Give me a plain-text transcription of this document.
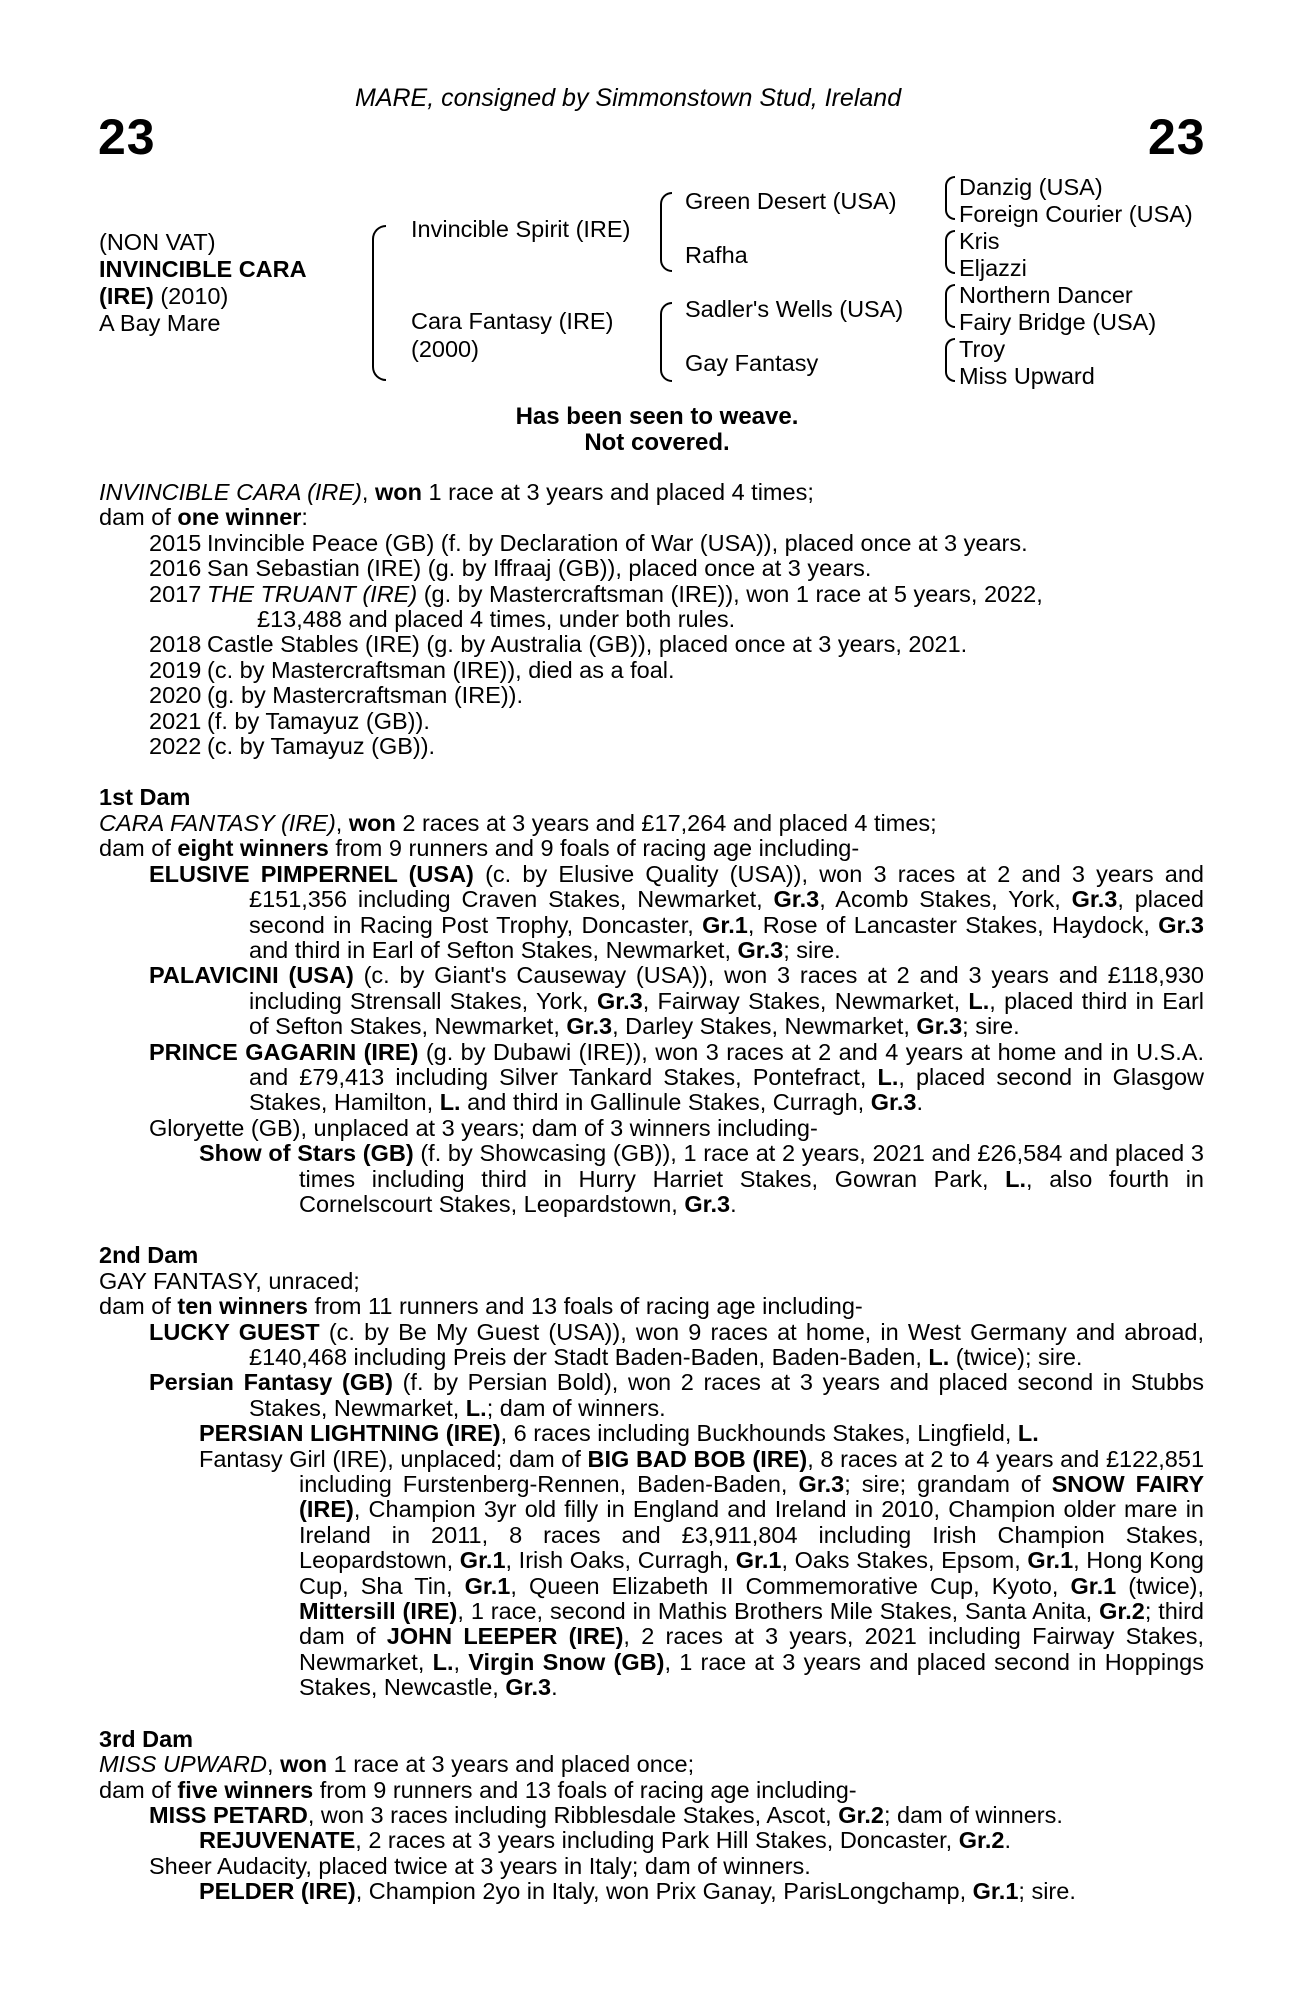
MARE, consigned by Simmonstown Stud, Ireland
23	23
(NON VAT)
INVINCIBLE CARA
(IRE) (2010)
A Bay Mare
Invincible Spirit (IRE)
Cara Fantasy (IRE)
(2000)
Green Desert (USA)
Rafha
Sadler's Wells (USA)
Gay Fantasy
Danzig (USA)
Foreign Courier (USA)
Kris
Eljazzi
Northern Dancer
Fairy Bridge (USA)
Troy
Miss Upward
Has been seen to weave.
Not covered.

INVINCIBLE CARA (IRE), won 1 race at 3 years and placed 4 times;

dam of one winner:

2015 Invincible Peace (GB) (f. by Declaration of War (USA)), placed once at 3 years.
2016 San Sebastian (IRE) (g. by Iffraaj (GB)), placed once at 3 years.
2017 THE TRUANT (IRE) (g. by Mastercraftsman (IRE)), won 1 race at 5 years, 2022,
£13,488 and placed 4 times, under both rules.
2018 Castle Stables (IRE) (g. by Australia (GB)), placed once at 3 years, 2021.
2019 (c. by Mastercraftsman (IRE)), died as a foal.
2020 (g. by Mastercraftsman (IRE)).
2021 (f. by Tamayuz (GB)).
2022 (c. by Tamayuz (GB)).

1st Dam

CARA FANTASY (IRE), won 2 races at 3 years and £17,264 and placed 4 times;

dam of eight winners from 9 runners and 9 foals of racing age including-

ELUSIVE PIMPERNEL (USA) (c. by Elusive Quality (USA)), won 3 races at 2 and 3 years and £151,356 including Craven Stakes, Newmarket, Gr.3, Acomb Stakes, York, Gr.3, placed second in Racing Post Trophy, Doncaster, Gr.1, Rose of Lancaster Stakes, Haydock, Gr.3 and third in Earl of Sefton Stakes, Newmarket, Gr.3; sire.

PALAVICINI (USA) (c. by Giant's Causeway (USA)), won 3 races at 2 and 3 years and £118,930 including Strensall Stakes, York, Gr.3, Fairway Stakes, Newmarket, L., placed third in Earl of Sefton Stakes, Newmarket, Gr.3, Darley Stakes, Newmarket, Gr.3; sire.

PRINCE GAGARIN (IRE) (g. by Dubawi (IRE)), won 3 races at 2 and 4 years at home and in U.S.A. and £79,413 including Silver Tankard Stakes, Pontefract, L., placed second in Glasgow Stakes, Hamilton, L. and third in Gallinule Stakes, Curragh, Gr.3.

Gloryette (GB), unplaced at 3 years; dam of 3 winners including-

Show of Stars (GB) (f. by Showcasing (GB)), 1 race at 2 years, 2021 and £26,584 and placed 3 times including third in Hurry Harriet Stakes, Gowran Park, L., also fourth in Cornelscourt Stakes, Leopardstown, Gr.3.

2nd Dam

GAY FANTASY, unraced;

dam of ten winners from 11 runners and 13 foals of racing age including-

LUCKY GUEST (c. by Be My Guest (USA)), won 9 races at home, in West Germany and abroad, £140,468 including Preis der Stadt Baden-Baden, Baden-Baden, L. (twice); sire.

Persian Fantasy (GB) (f. by Persian Bold), won 2 races at 3 years and placed second in Stubbs Stakes, Newmarket, L.; dam of winners.

PERSIAN LIGHTNING (IRE), 6 races including Buckhounds Stakes, Lingfield, L.

Fantasy Girl (IRE), unplaced; dam of BIG BAD BOB (IRE), 8 races at 2 to 4 years and £122,851 including Furstenberg-Rennen, Baden-Baden, Gr.3; sire; grandam of SNOW FAIRY (IRE), Champion 3yr old filly in England and Ireland in 2010, Champion older mare in Ireland in 2011, 8 races and £3,911,804 including Irish Champion Stakes, Leopardstown, Gr.1, Irish Oaks, Curragh, Gr.1, Oaks Stakes, Epsom, Gr.1, Hong Kong Cup, Sha Tin, Gr.1, Queen Elizabeth II Commemorative Cup, Kyoto, Gr.1 (twice), Mittersill (IRE), 1 race, second in Mathis Brothers Mile Stakes, Santa Anita, Gr.2; third dam of JOHN LEEPER (IRE), 2 races at 3 years, 2021 including Fairway Stakes, Newmarket, L., Virgin Snow (GB), 1 race at 3 years and placed second in Hoppings Stakes, Newcastle, Gr.3.

3rd Dam

MISS UPWARD, won 1 race at 3 years and placed once;

dam of five winners from 9 runners and 13 foals of racing age including-

MISS PETARD, won 3 races including Ribblesdale Stakes, Ascot, Gr.2; dam of winners.

REJUVENATE, 2 races at 3 years including Park Hill Stakes, Doncaster, Gr.2.

Sheer Audacity, placed twice at 3 years in Italy; dam of winners.

PELDER (IRE), Champion 2yo in Italy, won Prix Ganay, ParisLongchamp, Gr.1; sire.
